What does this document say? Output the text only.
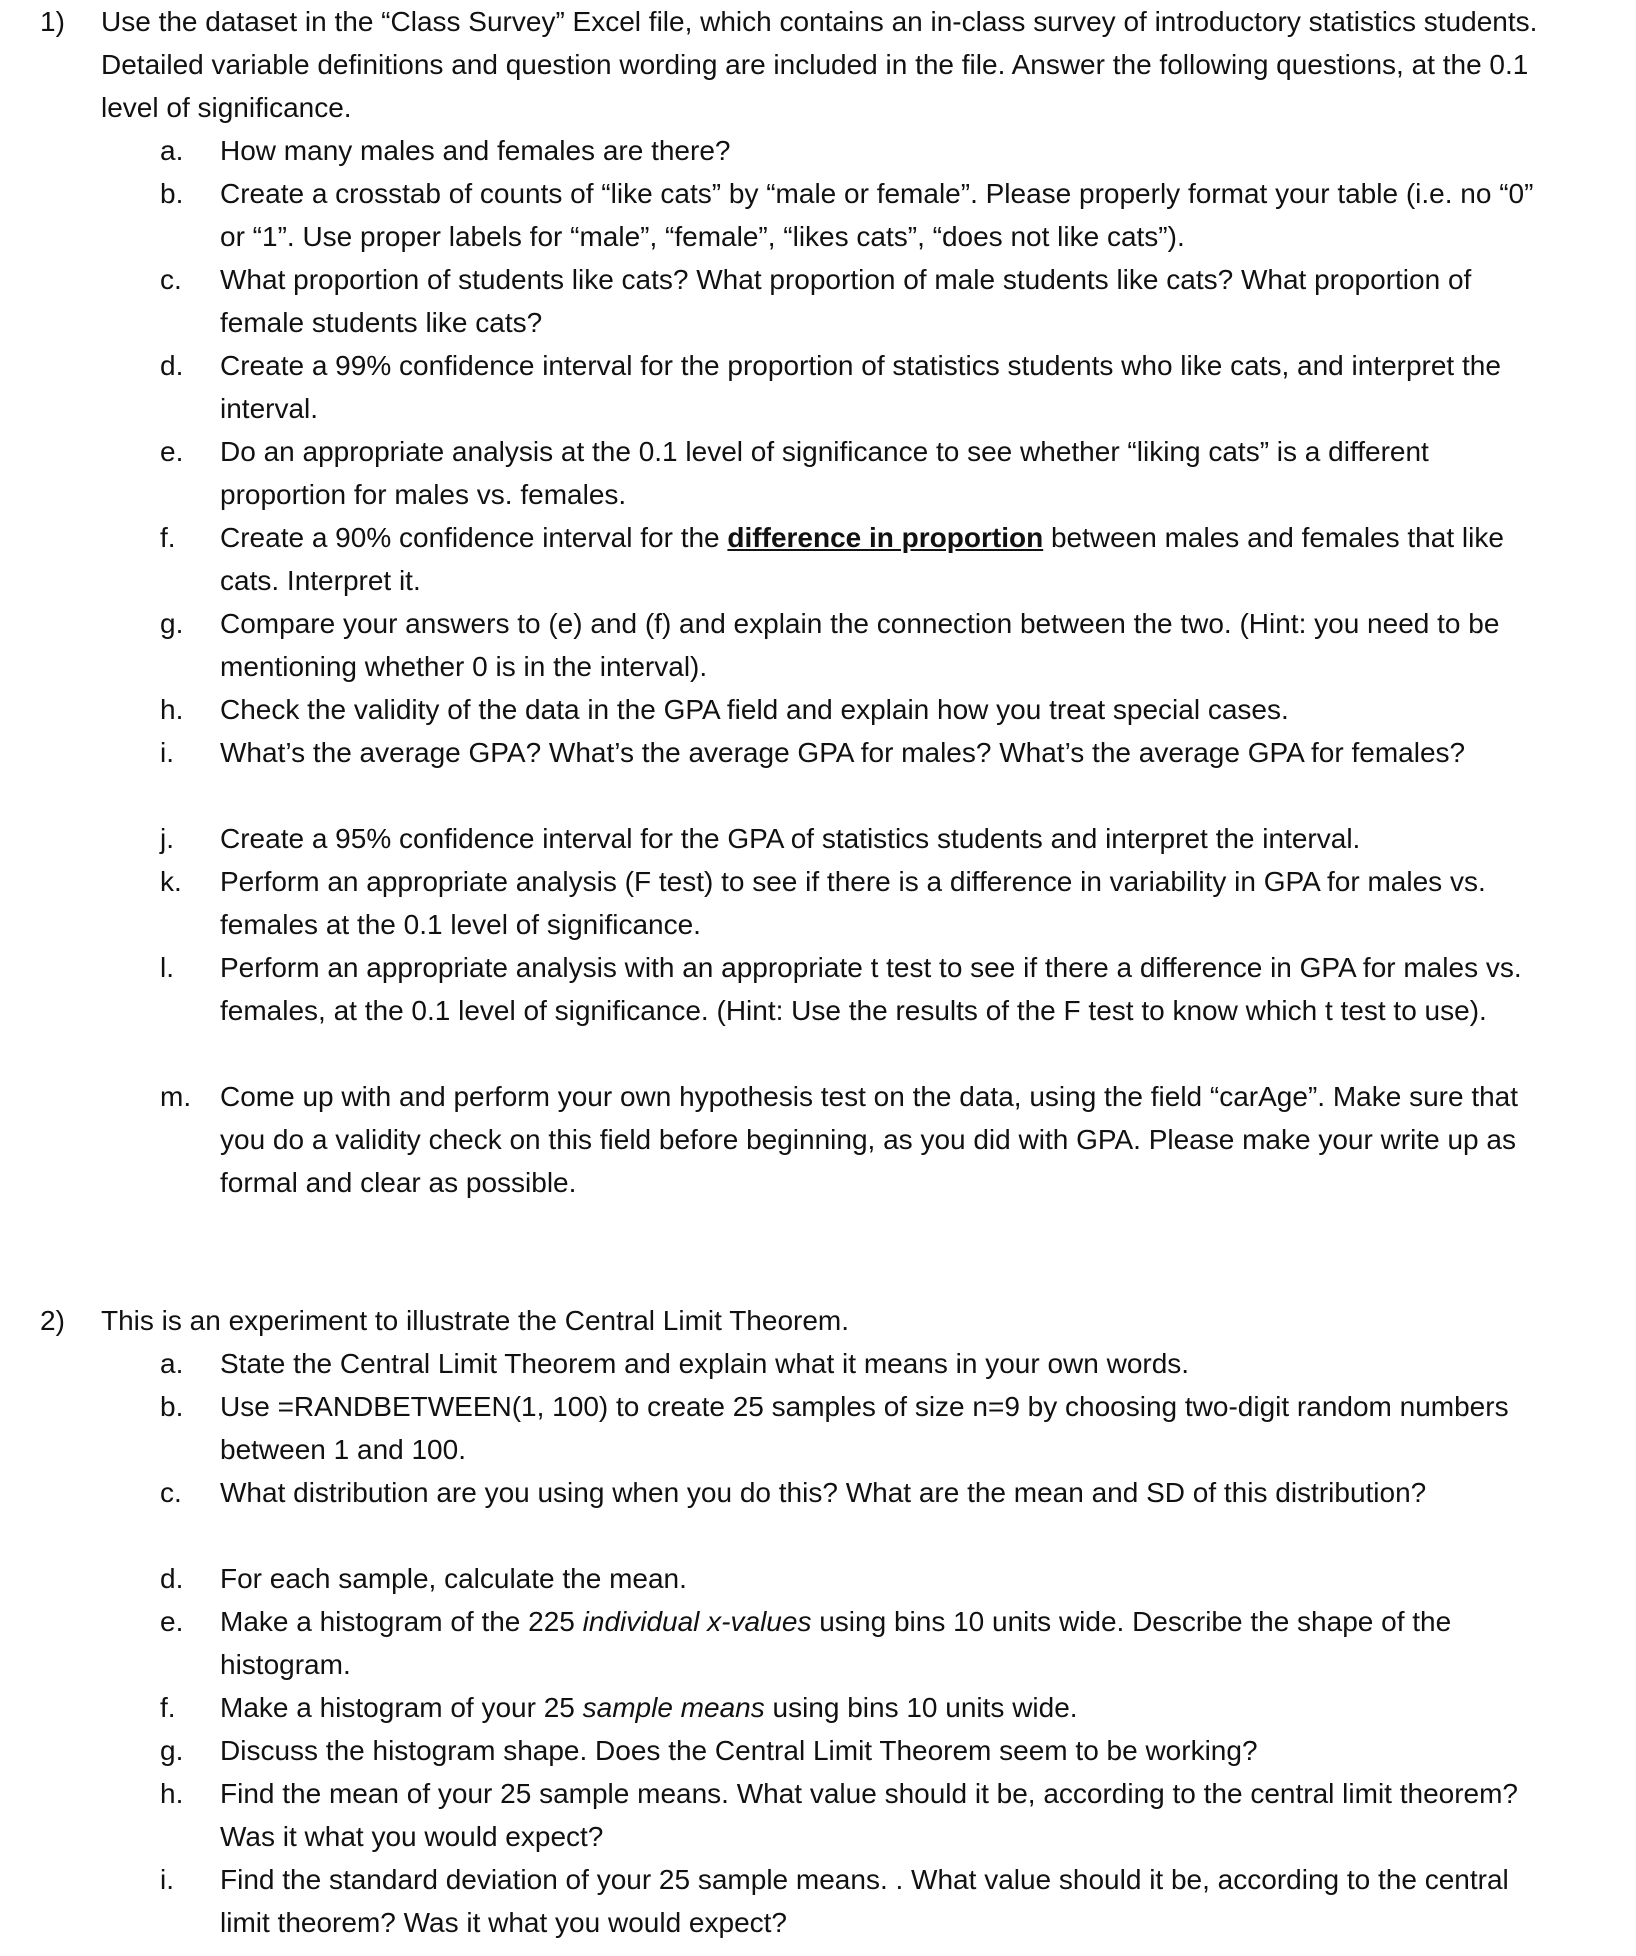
1) Use the dataset in the “Class Survey” Excel file, which contains an in-class survey of introductory statistics students. Detailed variable definitions and question wording are included in the file. Answer the following questions, at the 0.1 level of significance.
a. How many males and females are there?
b. Create a crosstab of counts of “like cats” by “male or female”. Please properly format your table (i.e. no “0” or “1”. Use proper labels for “male”, “female”, “likes cats”, “does not like cats”).
c. What proportion of students like cats? What proportion of male students like cats? What proportion of female students like cats?
d. Create a 99% confidence interval for the proportion of statistics students who like cats, and interpret the interval.
e. Do an appropriate analysis at the 0.1 level of significance to see whether “liking cats” is a different proportion for males vs. females.
f. Create a 90% confidence interval for the difference in proportion between males and females that like cats. Interpret it.
g. Compare your answers to (e) and (f) and explain the connection between the two. (Hint: you need to be mentioning whether 0 is in the interval).
h. Check the validity of the data in the GPA field and explain how you treat special cases.
i. What’s the average GPA? What’s the average GPA for males? What’s the average GPA for females?
j. Create a 95% confidence interval for the GPA of statistics students and interpret the interval.
k. Perform an appropriate analysis (F test) to see if there is a difference in variability in GPA for males vs. females at the 0.1 level of significance.
l. Perform an appropriate analysis with an appropriate t test to see if there a difference in GPA for males vs. females, at the 0.1 level of significance. (Hint: Use the results of the F test to know which t test to use).
m. Come up with and perform your own hypothesis test on the data, using the field “carAge”. Make sure that you do a validity check on this field before beginning, as you did with GPA. Please make your write up as formal and clear as possible.
2) This is an experiment to illustrate the Central Limit Theorem.
a. State the Central Limit Theorem and explain what it means in your own words.
b. Use =RANDBETWEEN(1, 100) to create 25 samples of size n=9 by choosing two-digit random numbers between 1 and 100.
c. What distribution are you using when you do this? What are the mean and SD of this distribution?
d. For each sample, calculate the mean.
e. Make a histogram of the 225 individual x-values using bins 10 units wide. Describe the shape of the histogram.
f. Make a histogram of your 25 sample means using bins 10 units wide.
g. Discuss the histogram shape. Does the Central Limit Theorem seem to be working?
h. Find the mean of your 25 sample means. What value should it be, according to the central limit theorem? Was it what you would expect?
i. Find the standard deviation of your 25 sample means. . What value should it be, according to the central limit theorem? Was it what you would expect?
